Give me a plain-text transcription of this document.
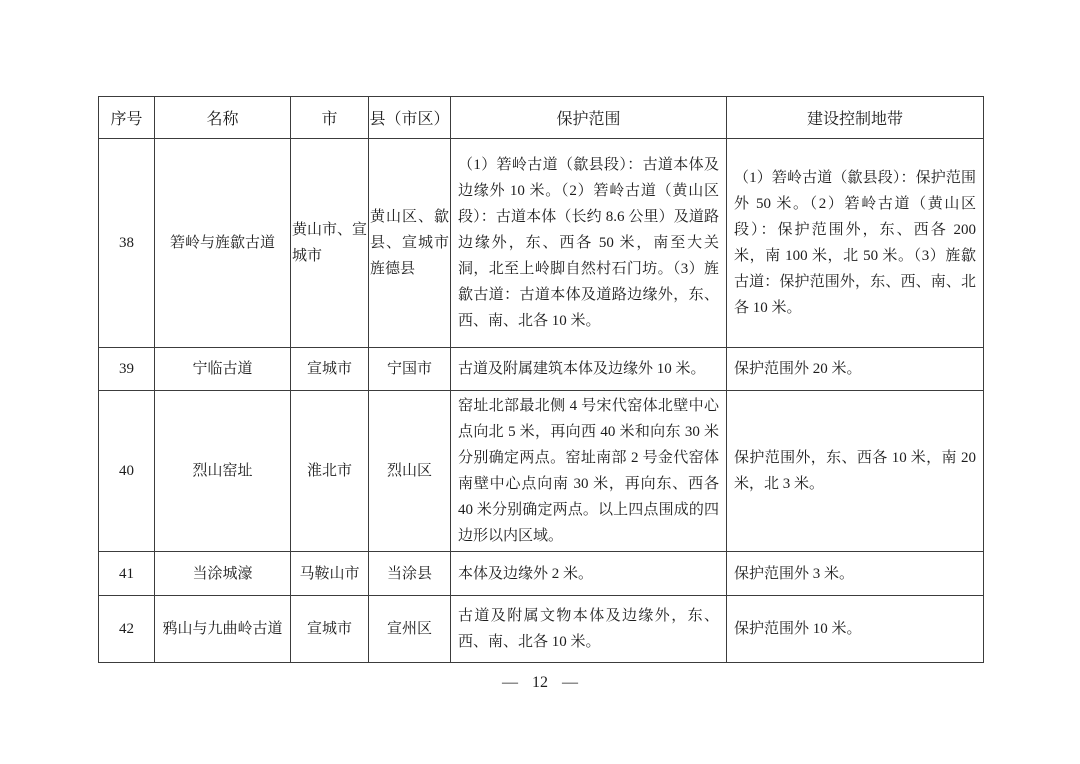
序号	名称	市	县（市区）	保护范围	建设控制地带
38	箬岭与旌歙古道	黄山市、宣城市	黄山区、歙县、宣城市旌德县	（1）箬岭古道（歙县段）：古道本体及边缘外 10 米。（2）箬岭古道（黄山区段）：古道本体（长约 8.6 公里）及道路边缘外，东、西各 50 米，南至大关洞，北至上岭脚自然村石门坊。（3）旌歙古道：古道本体及道路边缘外，东、西、南、北各 10 米。	（1）箬岭古道（歙县段）：保护范围外 50 米。（2）箬岭古道（黄山区段）：保护范围外，东、西各 200 米，南 100 米，北 50 米。（3）旌歙古道：保护范围外，东、西、南、北各 10 米。
39	宁临古道	宣城市	宁国市	古道及附属建筑本体及边缘外 10 米。	保护范围外 20 米。
40	烈山窑址	淮北市	烈山区	窑址北部最北侧 4 号宋代窑体北壁中心点向北 5 米，再向西 40 米和向东 30 米分别确定两点。窑址南部 2 号金代窑体南壁中心点向南 30 米，再向东、西各 40 米分别确定两点。以上四点围成的四边形以内区域。	保护范围外，东、西各 10 米，南 20 米，北 3 米。
41	当涂城濠	马鞍山市	当涂县	本体及边缘外 2 米。	保护范围外 3 米。
42	鸦山与九曲岭古道	宣城市	宣州区	古道及附属文物本体及边缘外，东、西、南、北各 10 米。	保护范围外 10 米。
— 12 —
